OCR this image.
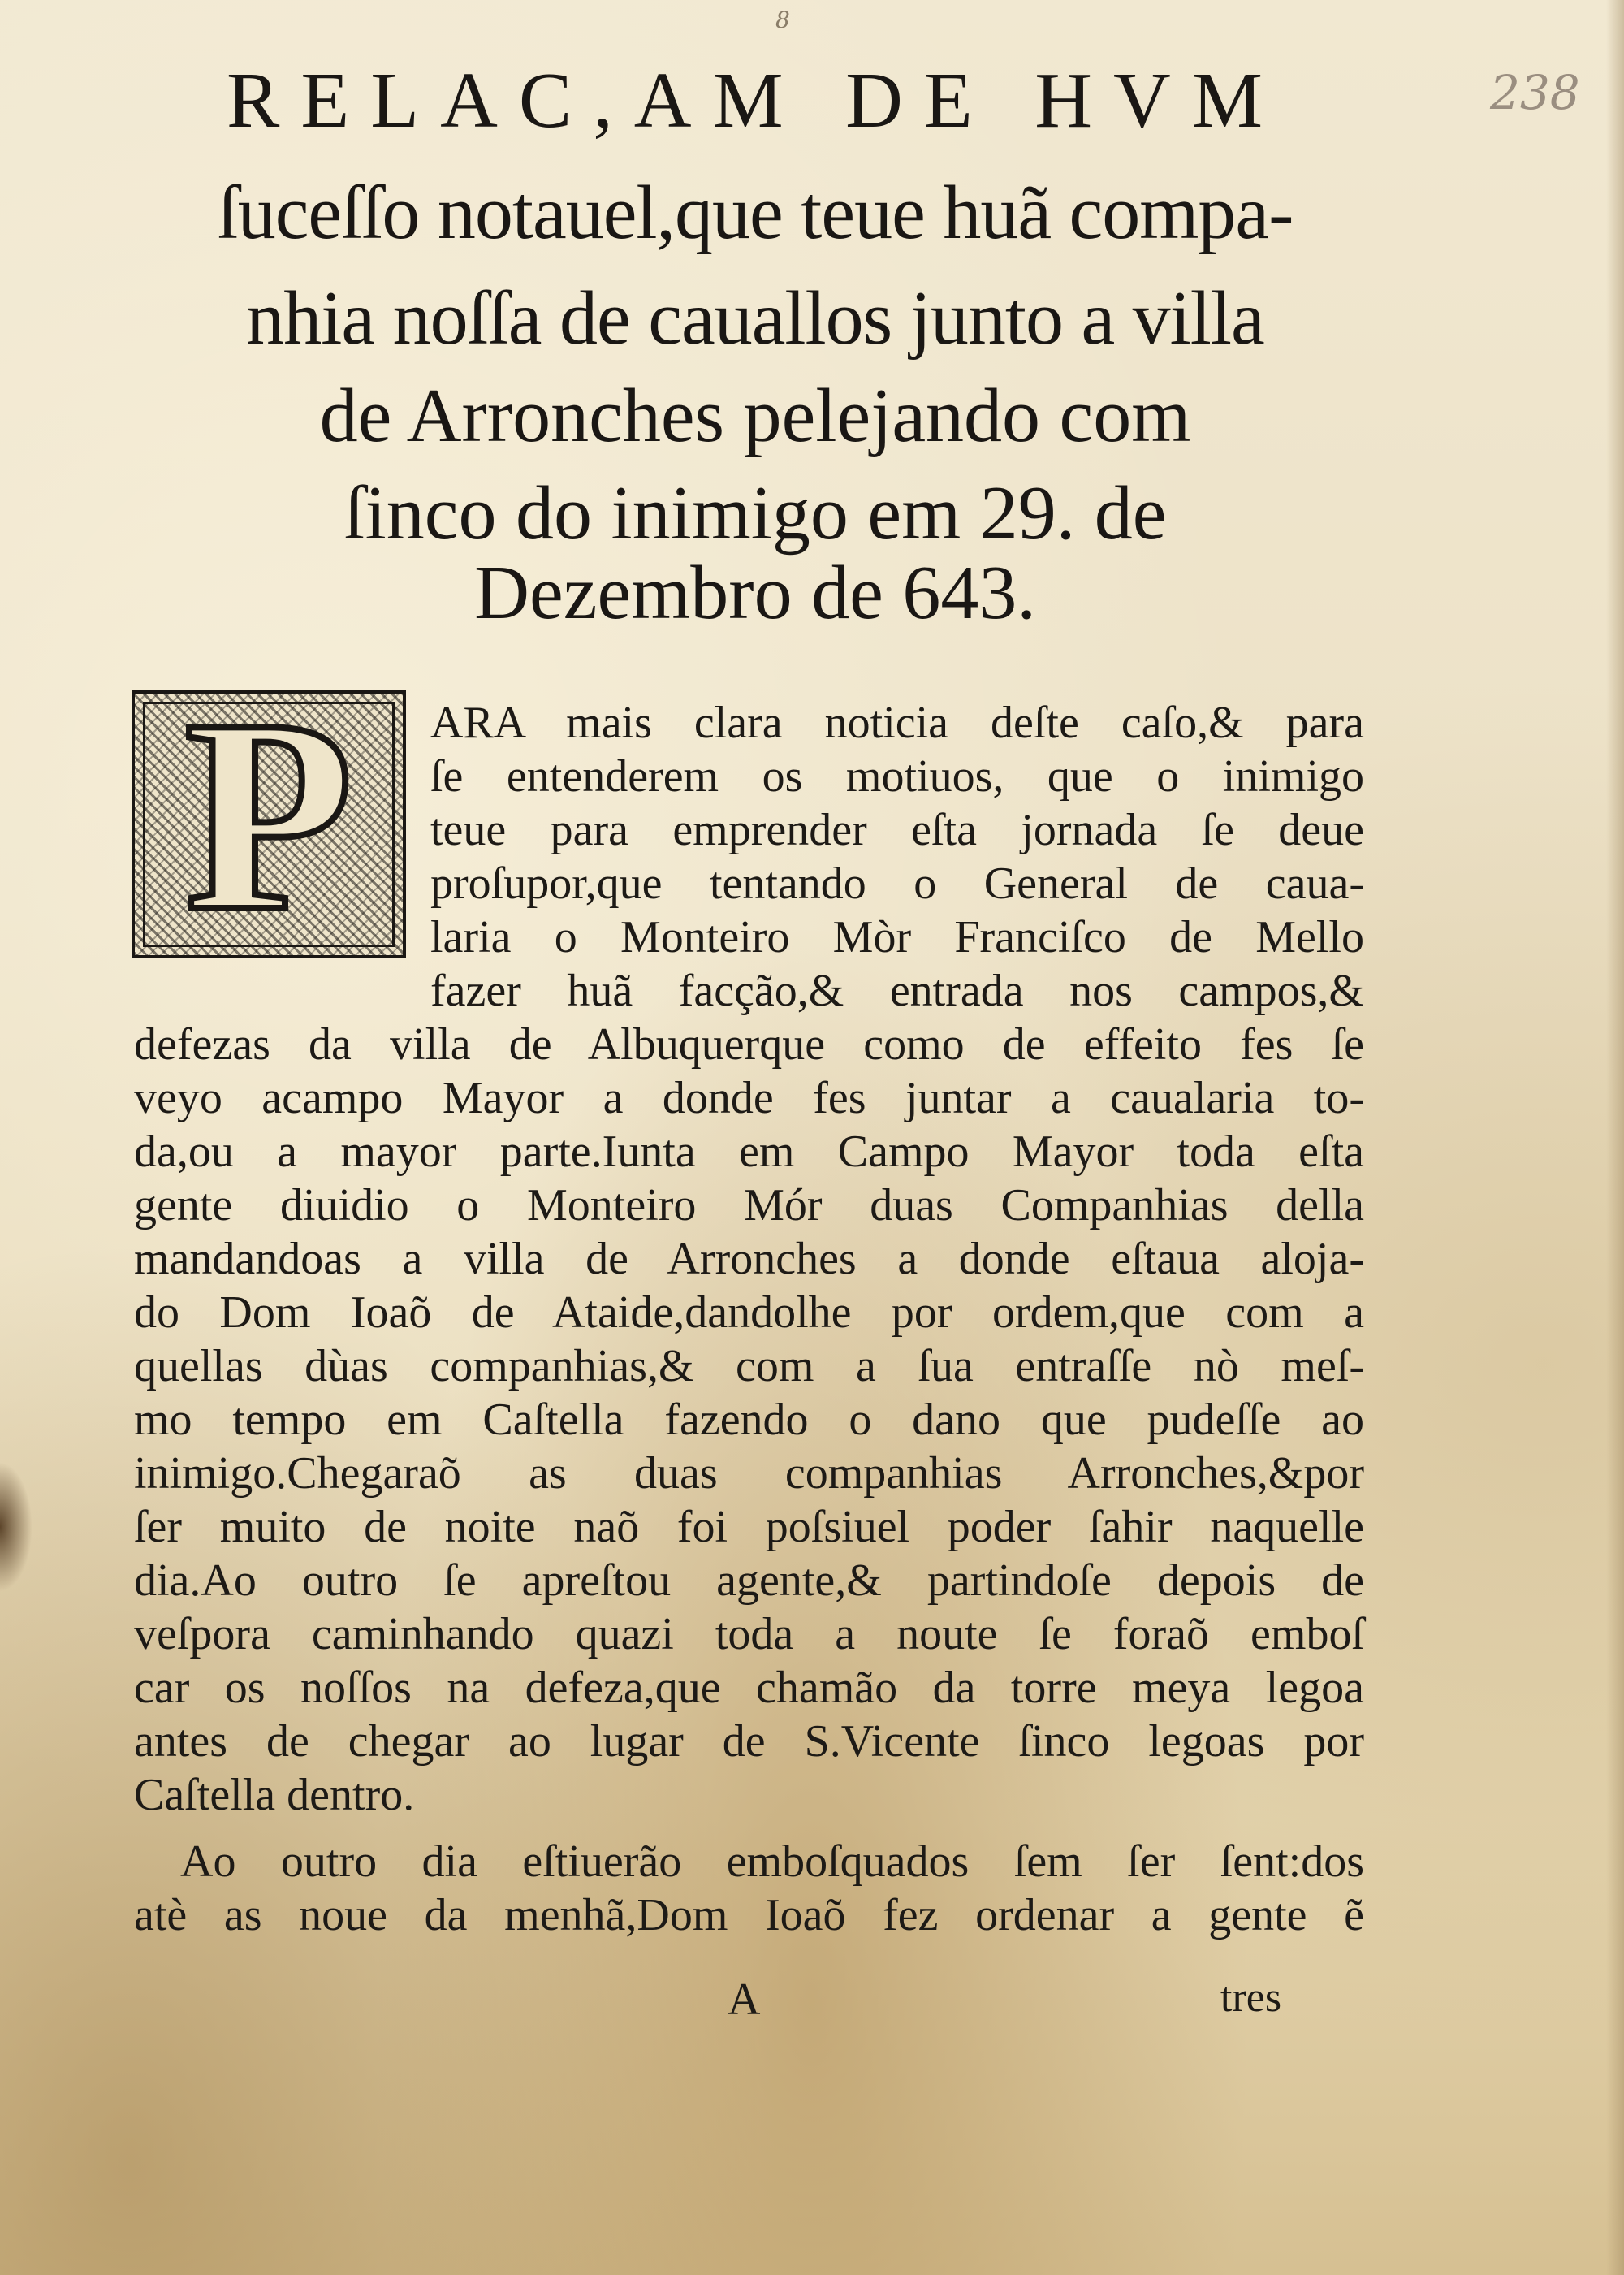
8
238
RELAC,AM DE HVM
ſuceſſo notauel,que teue huã compa-
nhia noſſa de cauallos junto a villa
de Arronches pelejando com
ſinco do inimigo em 29. de
Dezembro de 643.
P	ARA mais clara noticia deſte caſo,& para
ſe entenderem os motiuos, que o inimigo
teue para emprender eſta jornada ſe deue
proſupor,que tentando o General de caua-
laria o Monteiro Mòr Franciſco de Mello
fazer huã facção,& entrada nos campos,&
defezas da villa de Albuquerque como de effeito fes ſe
veyo acampo Mayor a donde fes juntar a caualaria to-
da,ou a mayor parte.Iunta em Campo Mayor toda eſta
gente diuidio o Monteiro Mór duas Companhias della
mandandoas a villa de Arronches a donde eſtaua aloja-
do Dom Ioaõ de Ataide,dandolhe por ordem,que com a
quellas dùas companhias,& com a ſua entraſſe nò meſ-
mo tempo em Caſtella fazendo o dano que pudeſſe ao
inimigo.Chegaraõ as duas companhias Arronches,&por
ſer muito de noite naõ foi poſsiuel poder ſahir naquelle
dia.Ao outro ſe apreſtou agente,& partindoſe depois de
veſpora caminhando quazi toda a noute ſe foraõ emboſ
car os noſſos na defeza,que chamão da torre meya legoa
antes de chegar ao lugar de S.Vicente ſinco legoas por
Caſtella dentro.
Ao outro dia eſtiuerão emboſquados ſem ſer ſent:dos
atè as noue da menhã,Dom Ioaõ fez ordenar a gente ẽ
A	tres
